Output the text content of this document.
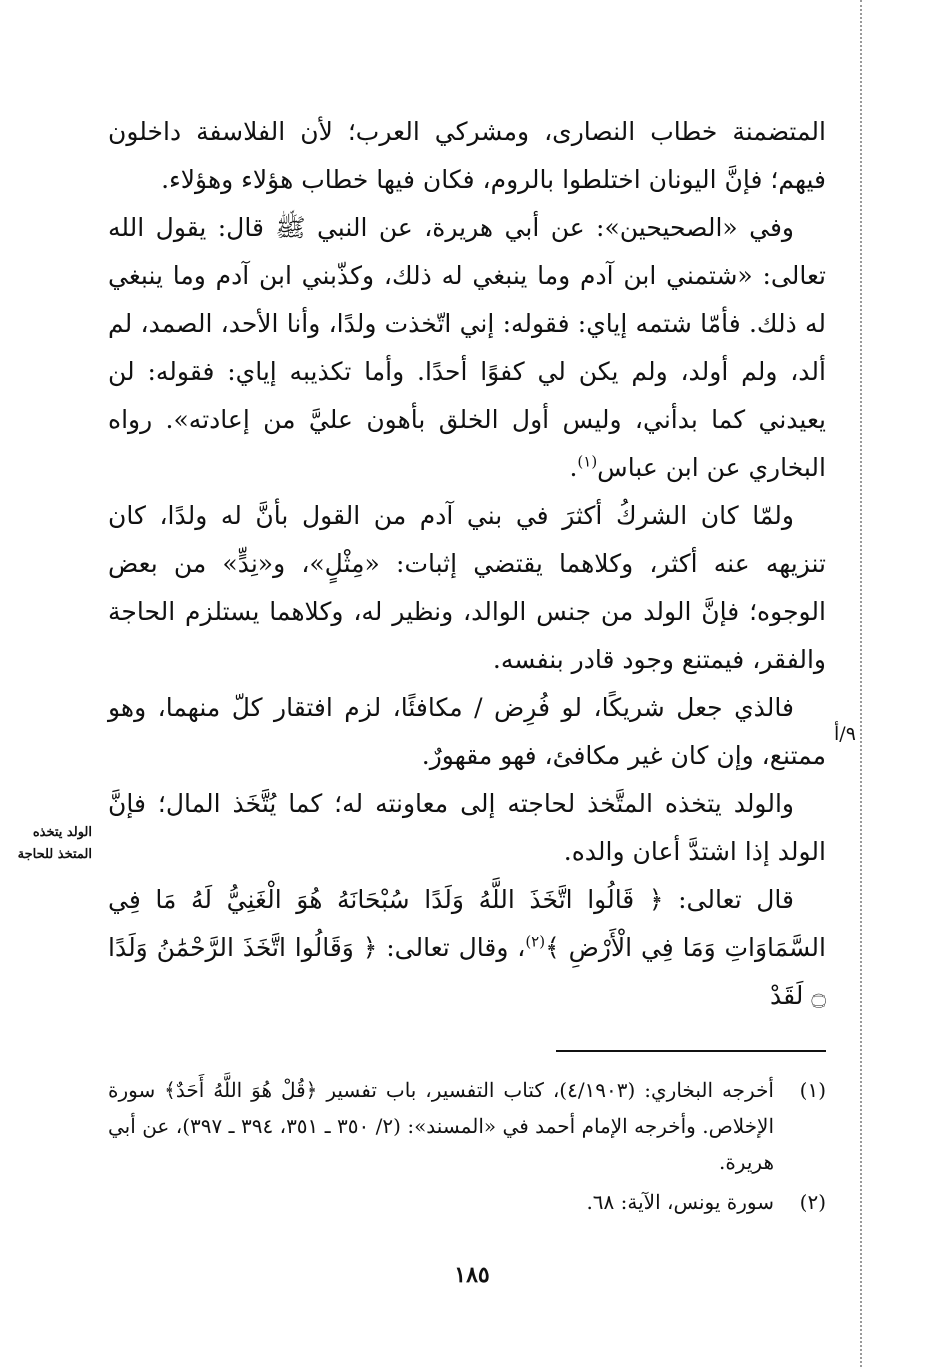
المتضمنة خطاب النصارى، ومشركي العرب؛ لأن الفلاسفة داخلون فيهم؛ فإنَّ اليونان اختلطوا بالروم، فكان فيها خطاب هؤلاء وهؤلاء.

وفي «الصحيحين»: عن أبي هريرة، عن النبي ﷺ قال: يقول الله تعالى: «شتمني ابن آدم وما ينبغي له ذلك، وكذّبني ابن آدم وما ينبغي له ذلك. فأمّا شتمه إياي: فقوله: إني اتّخذت ولدًا، وأنا الأحد، الصمد، لم ألد، ولم أولد، ولم يكن لي كفوًا أحدًا. وأما تكذيبه إياي: فقوله: لن يعيدني كما بدأني، وليس أول الخلق بأهون عليَّ من إعادته». رواه البخاري عن ابن عباس$^{(١)}$.

ولمّا كان الشركُ أكثرَ في بني آدم من القول بأنَّ له ولدًا، كان تنزيهه عنه أكثر، وكلاهما يقتضي إثبات: «مِثْلٍ»، و«نِدٍّ» من بعض الوجوه؛ فإنَّ الولد من جنس الوالد، ونظير له، وكلاهما يستلزم الحاجة والفقر، فيمتنع وجود قادر بنفسه.

فالذي جعل شريكًا، لو فُرِض / مكافئًا، لزم افتقار كلّ منهما، وهو ممتنع، وإن كان غير مكافئ، فهو مقهورٌ.

والولد يتخذه المتَّخذ لحاجته إلى معاونته له؛ كما يُتَّخَذ المال؛ فإنَّ الولد إذا اشتدَّ أعان والده.

قال تعالى: ﴿ قَالُوا اتَّخَذَ اللَّهُ وَلَدًا سُبْحَانَهُ هُوَ الْغَنِيُّ لَهُ مَا فِي السَّمَاوَاتِ وَمَا فِي الْأَرْضِ ﴾$^{(٢)}$، وقال تعالى: ﴿ وَقَالُوا اتَّخَذَ الرَّحْمَٰنُ وَلَدًا ۝ لَقَدْ

٩/أ
الولد يتخذه المتخذ للحاجة
(١)
أخرجه البخاري: (٤/١٩٠٣)، كتاب التفسير، باب تفسير ﴿قُلْ هُوَ اللَّهُ أَحَدٌ﴾ سورة الإخلاص. وأخرجه الإمام أحمد في «المسند»: (٢/ ٣٥٠ ـ ٣٥١، ٣٩٤ ـ ٣٩٧)، عن أبي هريرة.
(٢)
سورة يونس، الآية: ٦٨.
١٨٥
